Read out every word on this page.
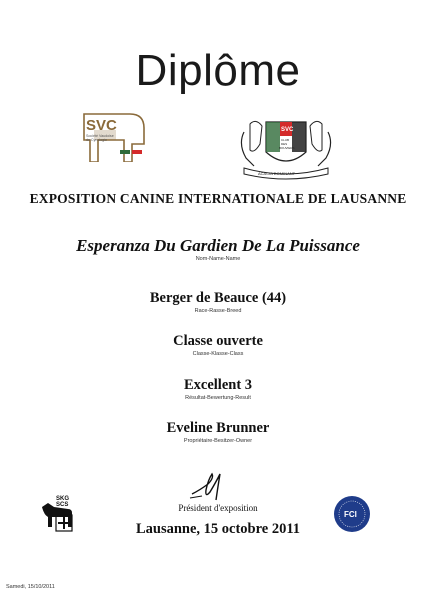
Diplôme
SVC
Société Vaudoise
de Cynologie
SVC
CLUB
DES
BOUVIERS
ACACIA DOMINANT
EXPOSITION CANINE INTERNATIONALE DE LAUSANNE
Esperanza Du Gardien De La Puissance
Nom-Name-Name
Berger de Beauce (44)
Race-Rasse-Breed
Classe ouverte
Classe-Klasse-Class
Excellent 3
Résultat-Bewertung-Result
Eveline Brunner
Propriétaire-Besitzer-Owner
SKG
SCS	Président d'exposition
Lausanne, 15 octobre 2011
FCI
Samedi, 15/10/2011
